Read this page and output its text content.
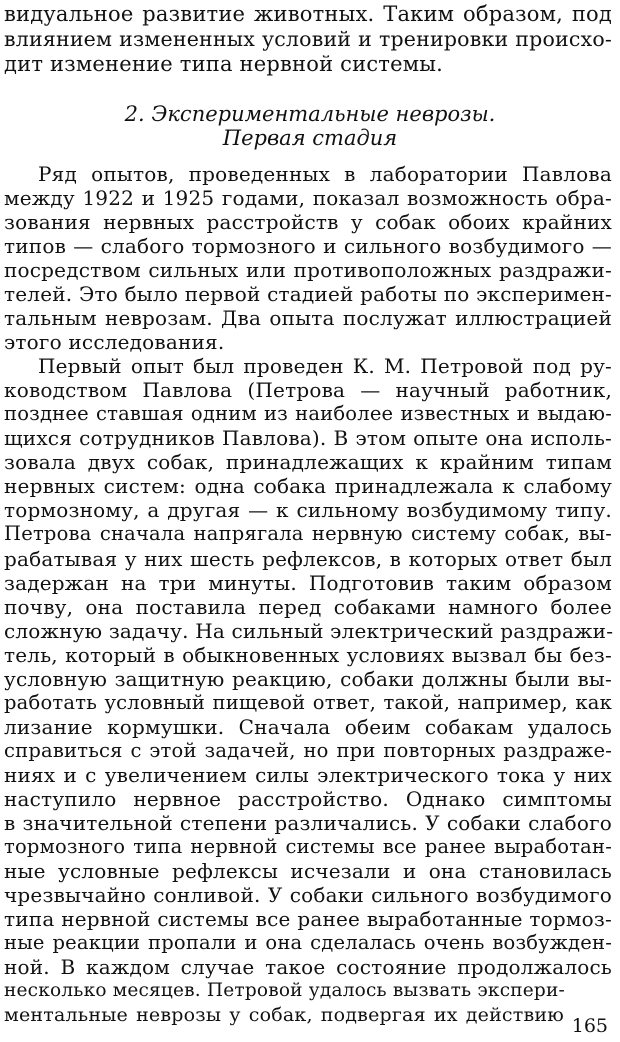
видуальное развитие животных. Таким образом, под
влиянием измененных условий и тренировки происхо-
дит изменение типа нервной системы.
2. Экспериментальные неврозы.
Первая стадия
Ряд опытов, проведенных в лаборатории Павлова
между 1922 и 1925 годами, показал возможность обра-
зования нервных расстройств у собак обоих крайних
типов — слабого тормозного и сильного возбудимого —
посредством сильных или противоположных раздражи-
телей. Это было первой стадией работы по эксперимен-
тальным неврозам. Два опыта послужат иллюстрацией
этого исследования.
Первый опыт был проведен К. М. Петровой под ру-
ководством Павлова (Петрова — научный работник,
позднее ставшая одним из наиболее известных и выдаю-
щихся сотрудников Павлова). В этом опыте она исполь-
зовала двух собак, принадлежащих к крайним типам
нервных систем: одна собака принадлежала к слабому
тормозному, а другая — к сильному возбудимому типу.
Петрова сначала напрягала нервную систему собак, вы-
рабатывая у них шесть рефлексов, в которых ответ был
задержан на три минуты. Подготовив таким образом
почву, она поставила перед собаками намного более
сложную задачу. На сильный электрический раздражи-
тель, который в обыкновенных условиях вызвал бы без-
условную защитную реакцию, собаки должны были вы-
работать условный пищевой ответ, такой, например, как
лизание кормушки. Сначала обеим собакам удалось
справиться с этой задачей, но при повторных раздраже-
ниях и с увеличением силы электрического тока у них
наступило нервное расстройство. Однако симптомы
в значительной степени различались. У собаки слабого
тормозного типа нервной системы все ранее выработан-
ные условные рефлексы исчезали и она становилась
чрезвычайно сонливой. У собаки сильного возбудимого
типа нервной системы все ранее выработанные тормоз-
ные реакции пропали и она сделалась очень возбужден-
ной. В каждом случае такое состояние продолжалось
несколько месяцев. Петровой удалось вызвать экспери-
ментальные неврозы у собак, подвергая их действию 165
